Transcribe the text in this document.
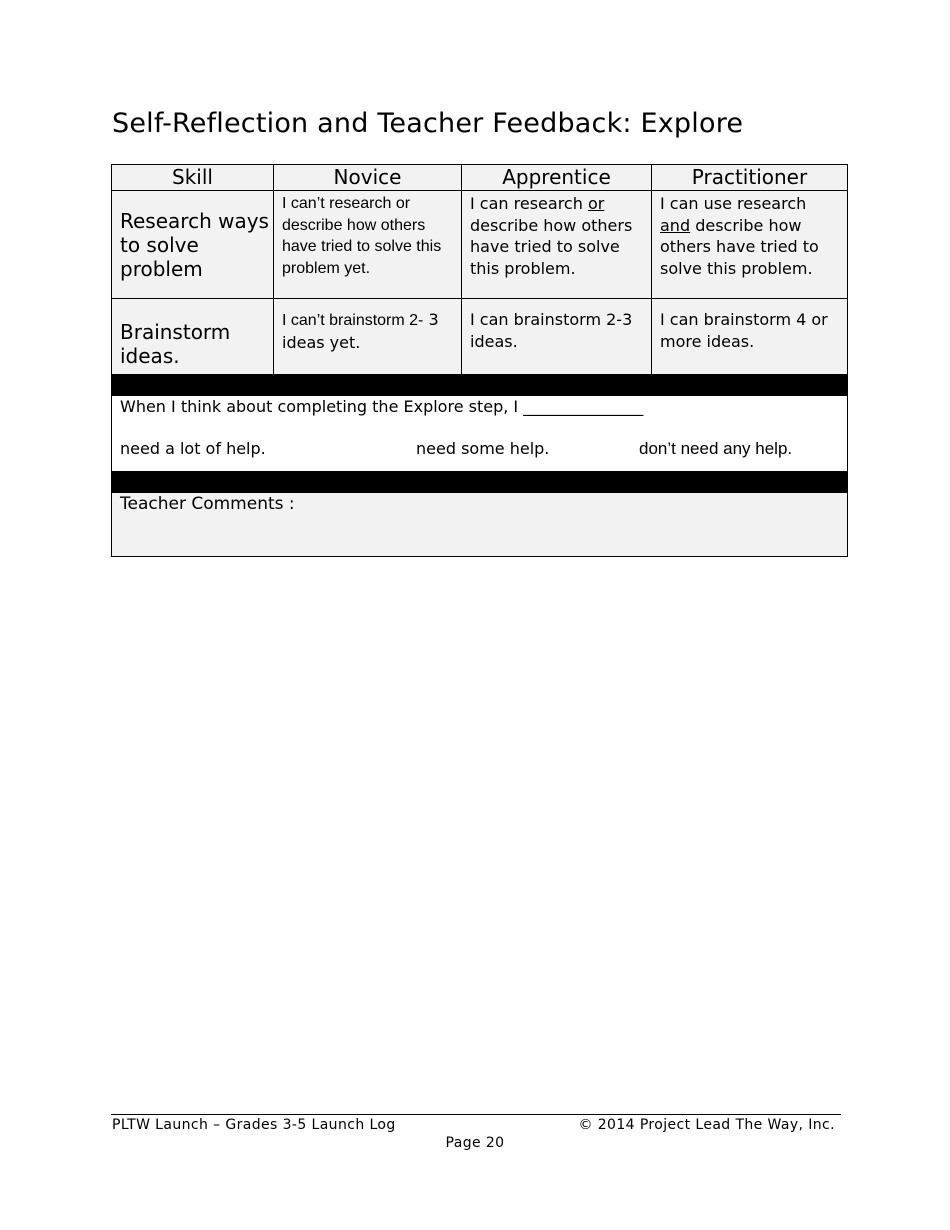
Self-Reflection and Teacher Feedback: Explore
Skill	Novice	Apprentice	Practitioner
Research ways to solve problem	I can’t research or describe how others have tried to solve this problem yet.	I can research or describe how others have tried to solve this problem.	I can use research and describe how others have tried to solve this problem.
Brainstorm ideas.	I can’t brainstorm 2- 3 ideas yet.	I can brainstorm 2-3 ideas.	I can brainstorm 4 or more ideas.

When I think about completing the Explore step, I _______________
need a lot of help. need some help. don’t need any help.			

Teacher Comments :			
PLTW Launch – Grades 3-5 Launch Log	© 2014 Project Lead The Way, Inc.
Page 20
